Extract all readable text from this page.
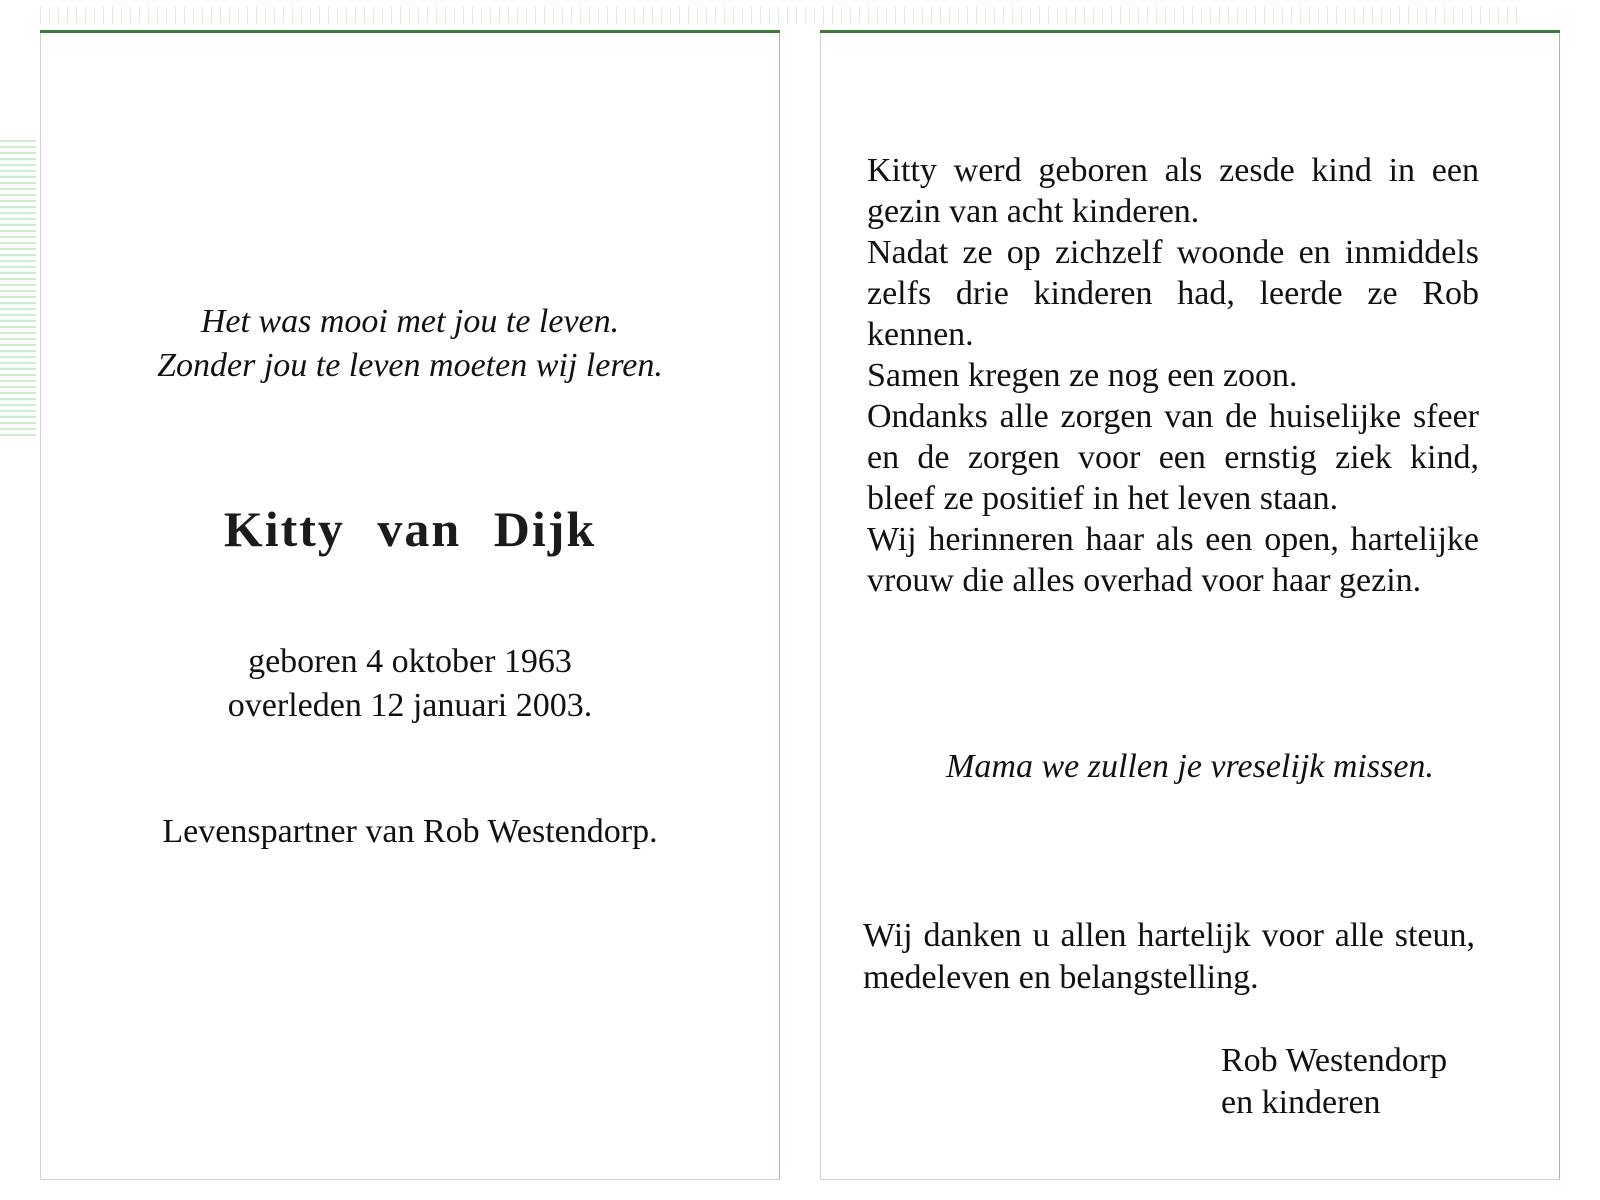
Het was mooi met jou te leven.
Zonder jou te leven moeten wij leren.
Kitty van Dijk
geboren 4 oktober 1963
overleden 12 januari 2003.
Levenspartner van Rob Westendorp.

Kitty werd geboren als zesde kind in een gezin van acht kinderen.

Nadat ze op zichzelf woonde en inmiddels zelfs drie kinderen had, leerde ze Rob kennen.

Samen kregen ze nog een zoon.

Ondanks alle zorgen van de huiselijke sfeer en de zorgen voor een ernstig ziek kind, bleef ze positief in het leven staan.

Wij herinneren haar als een open, hartelijke vrouw die alles overhad voor haar gezin.

Mama we zullen je vreselijk missen.

Wij danken u allen hartelijk voor alle steun, medeleven en belangstelling.

Rob Westendorp
en kinderen
